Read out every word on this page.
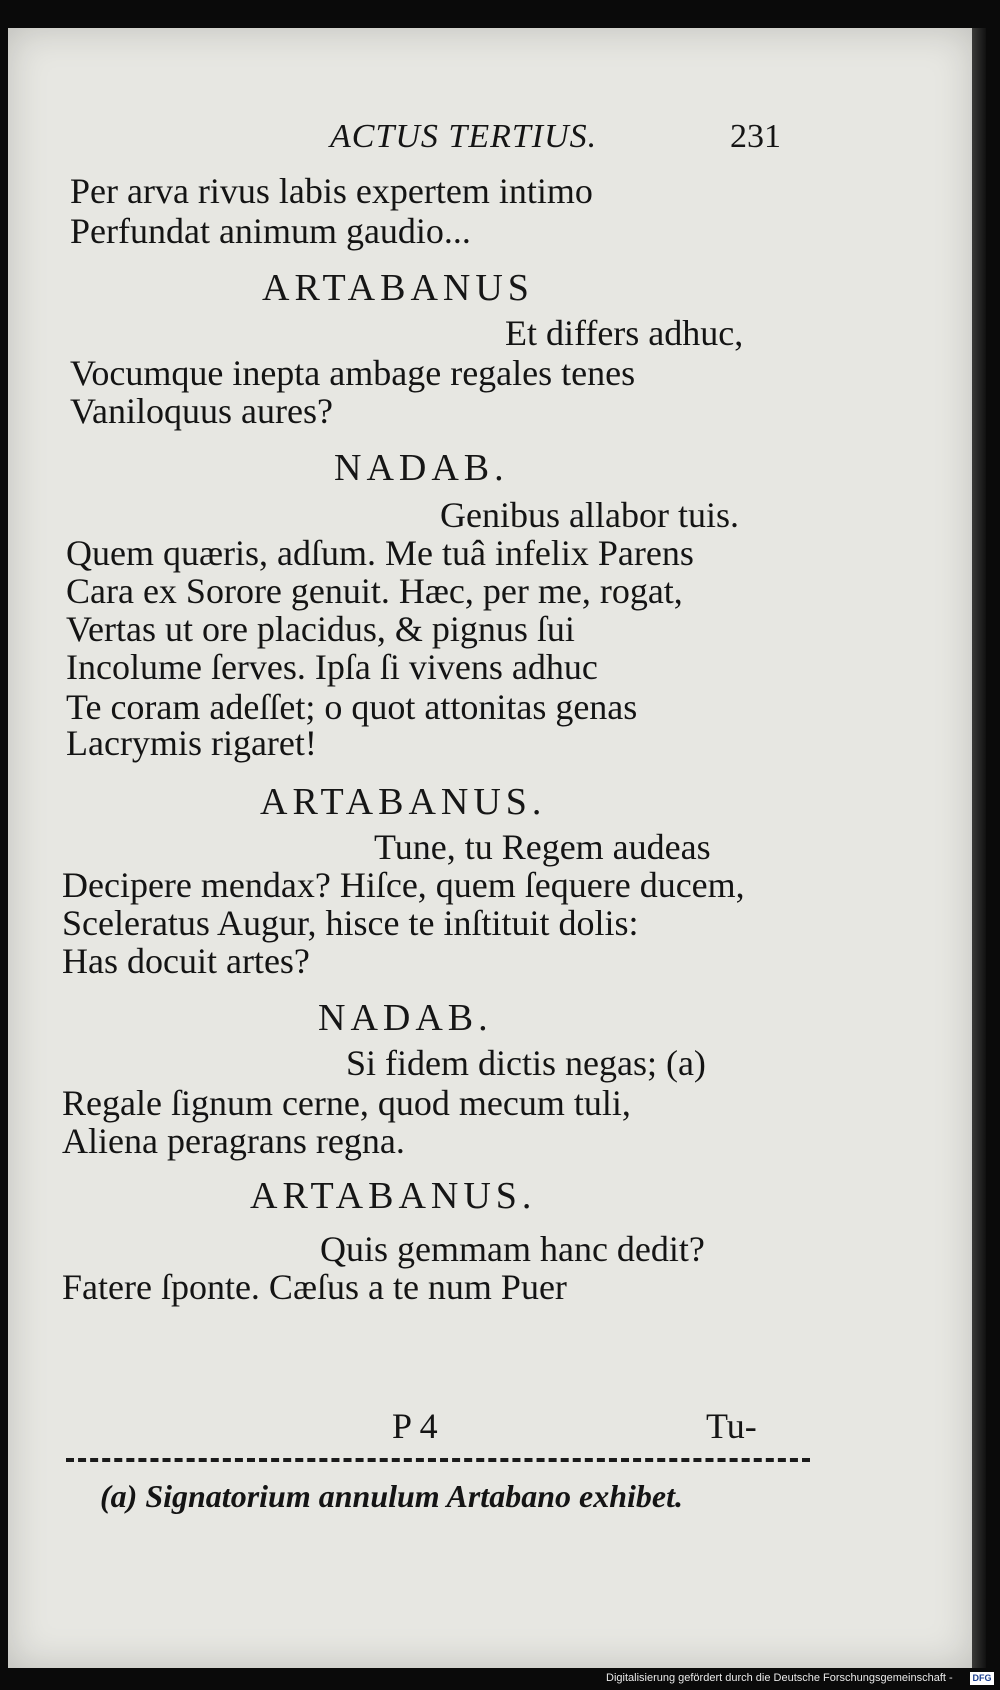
ACTUS TERTIUS.	231
Per arva rivus labis expertem intimo
Perfundat animum gaudio...
ARTABANUS
Et differs adhuc,
Vocumque inepta ambage regales tenes
Vaniloquus aures?
NADAB.
Genibus allabor tuis.
Quem quæris, adſum. Me tuâ infelix Parens
Cara ex Sorore genuit. Hæc, per me, rogat,
Vertas ut ore placidus, & pignus ſui
Incolume ſerves. Ipſa ſi vivens adhuc
Te coram adeſſet; o quot attonitas genas
Lacrymis rigaret!
ARTABANUS.
Tune, tu Regem audeas
Decipere mendax? Hiſce, quem ſequere ducem,
Sceleratus Augur, hisce te inſtituit dolis:
Has docuit artes?
NADAB.
Si fidem dictis negas; (a)
Regale ſignum cerne, quod mecum tuli,
Aliena peragrans regna.
ARTABANUS.
Quis gemmam hanc dedit?
Fatere ſponte. Cæſus a te num Puer
P 4	Tu-
(a) Signatorium annulum Artabano exhibet.
Digitalisierung gefördert durch die Deutsche Forschungsgemeinschaft - DFG
